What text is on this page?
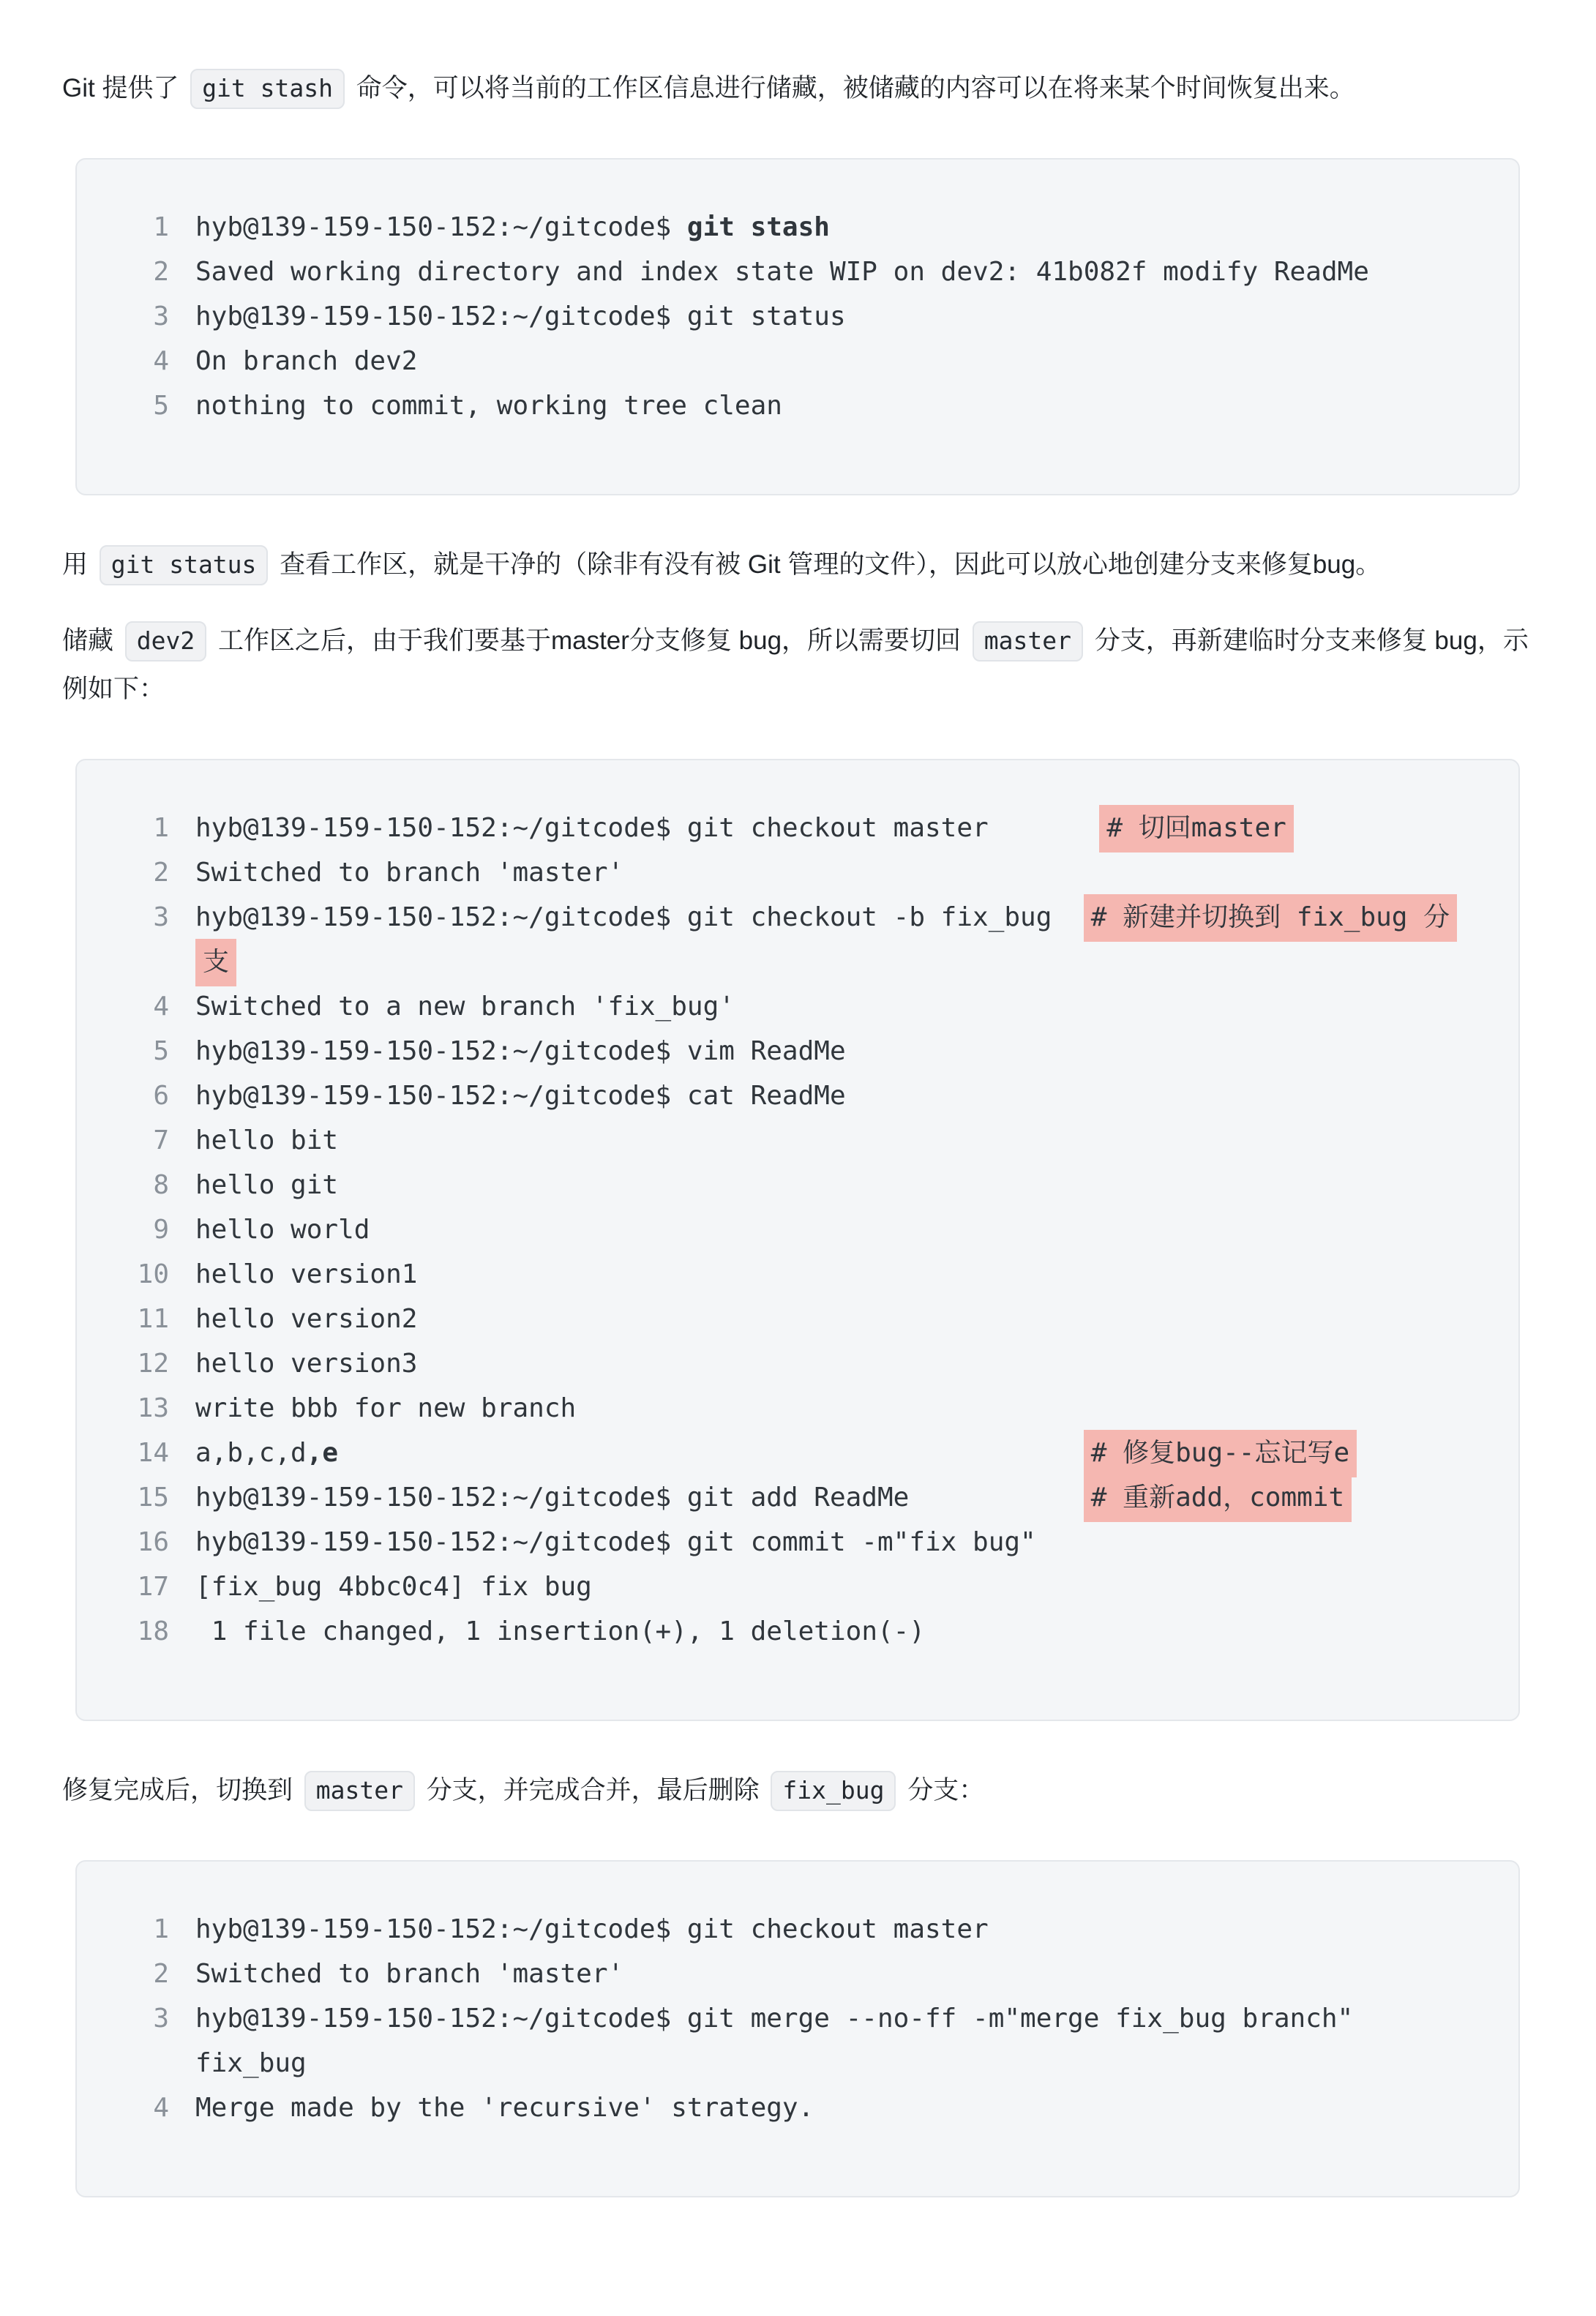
Git 提供了 git stash 命令，可以将当前的工作区信息进行储藏，被储藏的内容可以在将来某个时间恢复出来。

1 hyb@139-159-150-152:~/gitcode$ git stash
2 Saved working directory and index state WIP on dev2: 41b082f modify ReadMe
3 hyb@139-159-150-152:~/gitcode$ git status
4 On branch dev2
5 nothing to commit, working tree clean

用 git status 查看工作区，就是干净的（除非有没有被 Git 管理的文件），因此可以放心地创建分支来修复bug。

储藏 dev2 工作区之后，由于我们要基于master分支修复 bug，所以需要切回 master 分支，再新建临时分支来修复 bug，示例如下：

1 hyb@139-159-150-152:~/gitcode$ git checkout master       # 切回master
2 Switched to branch 'master'
3 hyb@139-159-150-152:~/gitcode$ git checkout -b fix_bug  # 新建并切换到 fix_bug 分
支
4 Switched to a new branch 'fix_bug'
5 hyb@139-159-150-152:~/gitcode$ vim ReadMe
6 hyb@139-159-150-152:~/gitcode$ cat ReadMe
7 hello bit
8 hello git
9 hello world
10 hello version1
11 hello version2
12 hello version3
13 write bbb for new branch
14 a,b,c,d,e	# 修复bug--忘记写e
15 hyb@139-159-150-152:~/gitcode$ git add ReadMe           # 重新add，commit
16 hyb@139-159-150-152:~/gitcode$ git commit -m"fix bug"
17 [fix_bug 4bbc0c4] fix bug
18 1 file changed, 1 insertion(+), 1 deletion(-)

修复完成后，切换到 master 分支，并完成合并，最后删除 fix_bug 分支：

1 hyb@139-159-150-152:~/gitcode$ git checkout master
2 Switched to branch 'master'
3 hyb@139-159-150-152:~/gitcode$ git merge --no-ff -m"merge fix_bug branch"
fix_bug
4 Merge made by the 'recursive' strategy.
